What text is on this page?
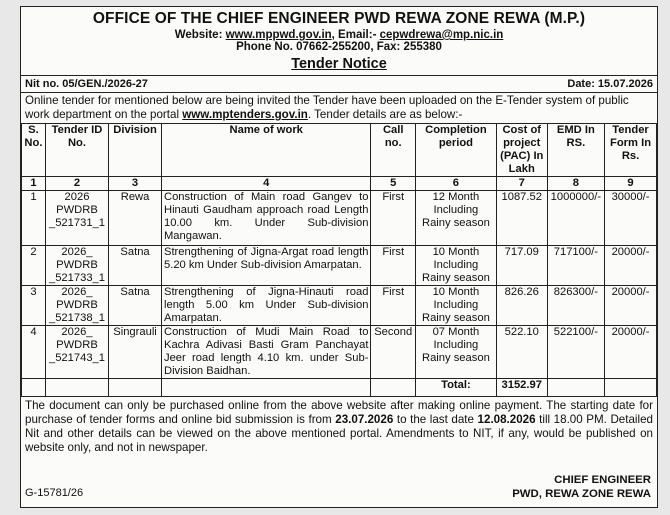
OFFICE OF THE CHIEF ENGINEER PWD REWA ZONE REWA (M.P.)
Website: www.mppwd.gov.in, Email:- cepwdrewa@mp.nic.in
Phone No. 07662-255200, Fax: 255380
Tender Notice
Nit no. 05/GEN./2026-27	Date: 15.07.2026
Online tender for mentioned below are being invited the Tender have been uploaded on the E-Tender system of public work department on the portal www.mptenders.gov.in. Tender details are as below:-
S. No.	Tender ID No.	Division	Name of work	Call no.	Completion period	Cost of project (PAC) In Lakh	EMD In RS.	Tender Form In Rs.
1	2	3	4	5	6	7	8	9
1	2026 PWDRB _521731_1	Rewa	Construction of Main road Gangev to Hinauti Gaudham approach road Length 10.00 km. Under Sub-division Mangawan.	First	12 Month Including Rainy season	1087.52	1000000/-	30000/-
2	2026_ PWDRB _521733_1	Satna	Strengthening of Jigna-Argat road length 5.20 km Under Sub-division Amarpatan.	First	10 Month Including Rainy season	717.09	717100/-	20000/-
3	2026_ PWDRB _521738_1	Satna	Strengthening of Jigna-Hinauti road length 5.00 km Under Sub-division Amarpatan.	First	10 Month Including Rainy season	826.26	826300/-	20000/-
4	2026_ PWDRB _521743_1	Singrauli	Construction of Mudi Main Road to Kachra Adivasi Basti Gram Panchayat Jeer road length 4.10 km. under Sub-Division Baidhan.	Second	07 Month Including Rainy season	522.10	522100/-	20000/-
					Total:	3152.97		
The document can only be purchased online from the above website after making online payment. The starting date for purchase of tender forms and online bid submission is from 23.07.2026 to the last date 12.08.2026 till 18.00 PM. Detailed Nit and other details can be viewed on the above mentioned portal. Amendments to NIT, if any, would be published on website only, and not in newspaper.
G-15781/26
CHIEF ENGINEER
PWD, REWA ZONE REWA
